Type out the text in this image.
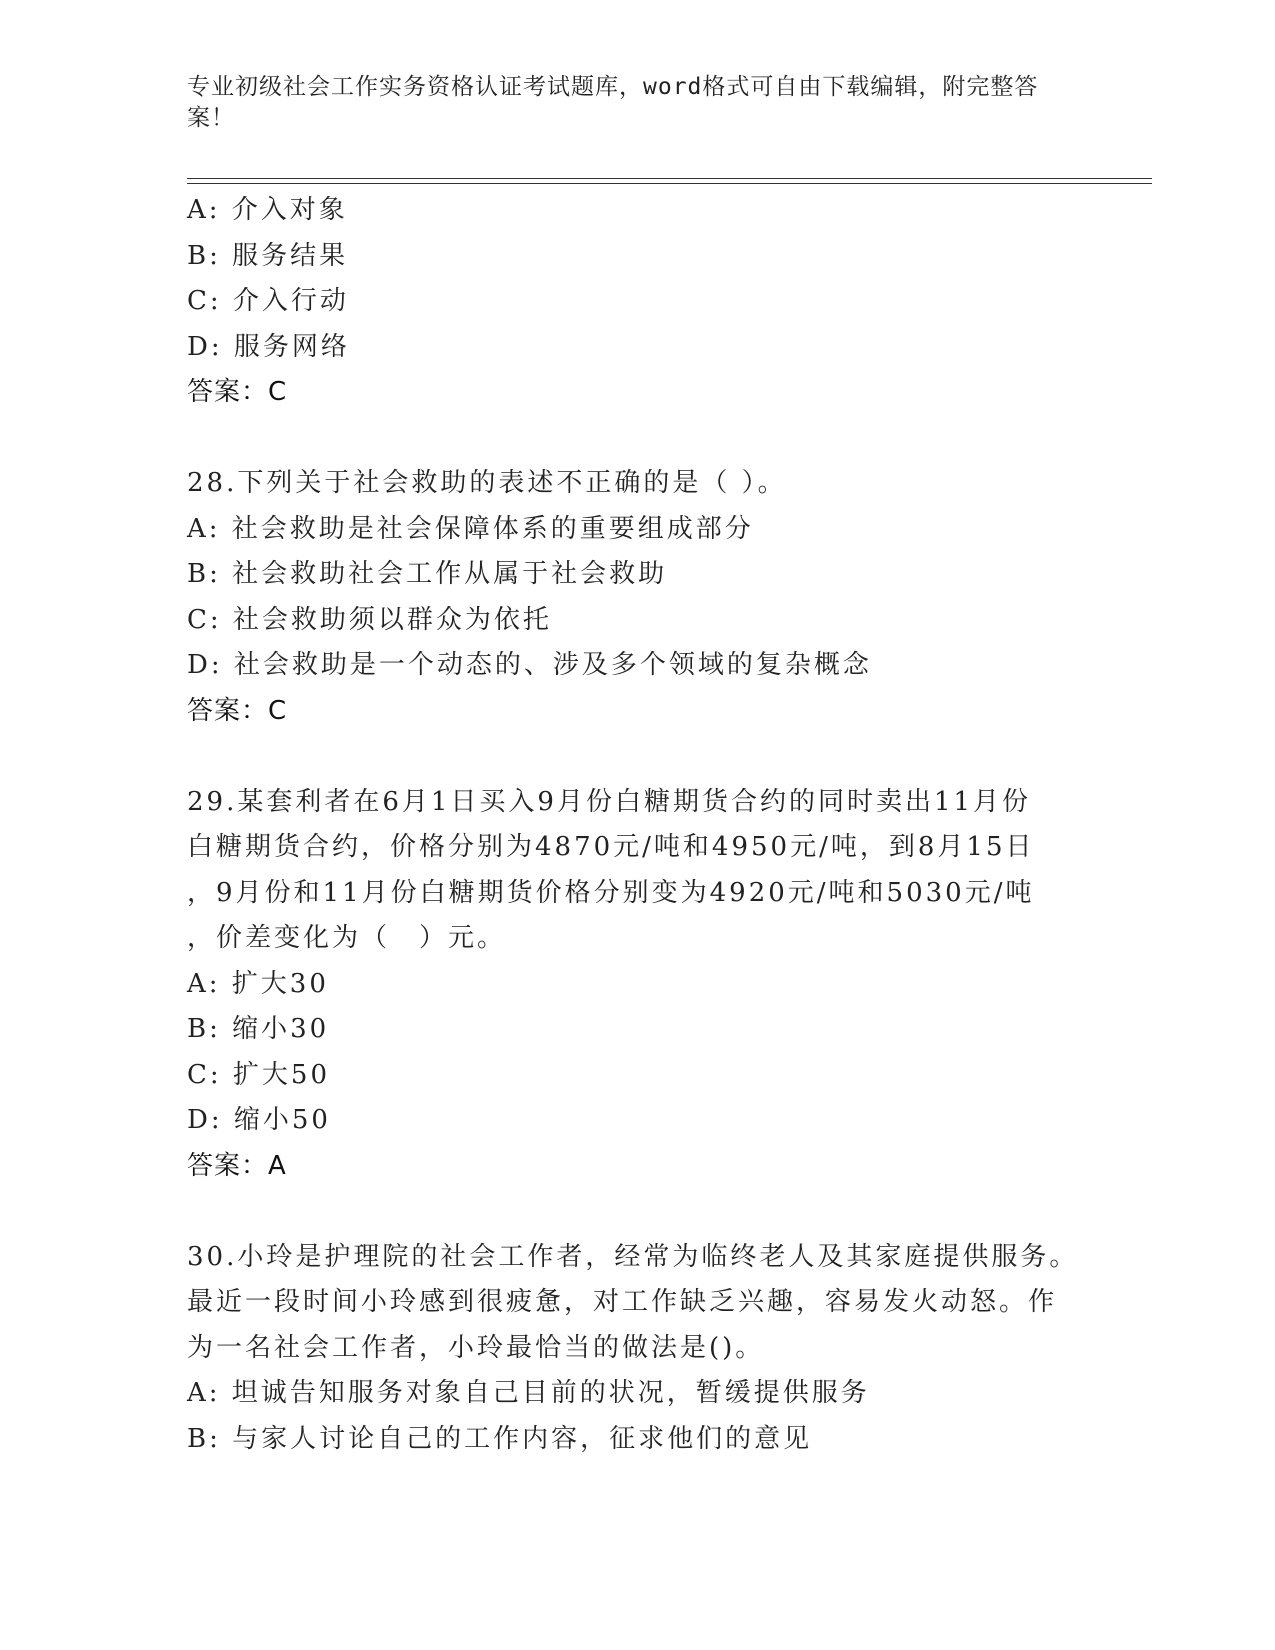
专业初级社会工作实务资格认证考试题库，word格式可自由下载编辑，附完整答
案！
A: 介入对象
B: 服务结果
C: 介入行动
D: 服务网络
答案：C
28.下列关于社会救助的表述不正确的是（ ）。
A: 社会救助是社会保障体系的重要组成部分
B: 社会救助社会工作从属于社会救助
C: 社会救助须以群众为依托
D: 社会救助是一个动态的、涉及多个领域的复杂概念
答案：C
29.某套利者在6月1日买入9月份白糖期货合约的同时卖出11月份
白糖期货合约，价格分别为4870元/吨和4950元/吨，到8月15日
，9月份和11月份白糖期货价格分别变为4920元/吨和5030元/吨
，价差变化为（　）元。
A: 扩大30
B: 缩小30
C: 扩大50
D: 缩小50
答案：A
30.小玲是护理院的社会工作者，经常为临终老人及其家庭提供服务。
最近一段时间小玲感到很疲惫，对工作缺乏兴趣，容易发火动怒。作
为一名社会工作者，小玲最恰当的做法是()。
A: 坦诚告知服务对象自己目前的状况，暂缓提供服务
B: 与家人讨论自己的工作内容，征求他们的意见
